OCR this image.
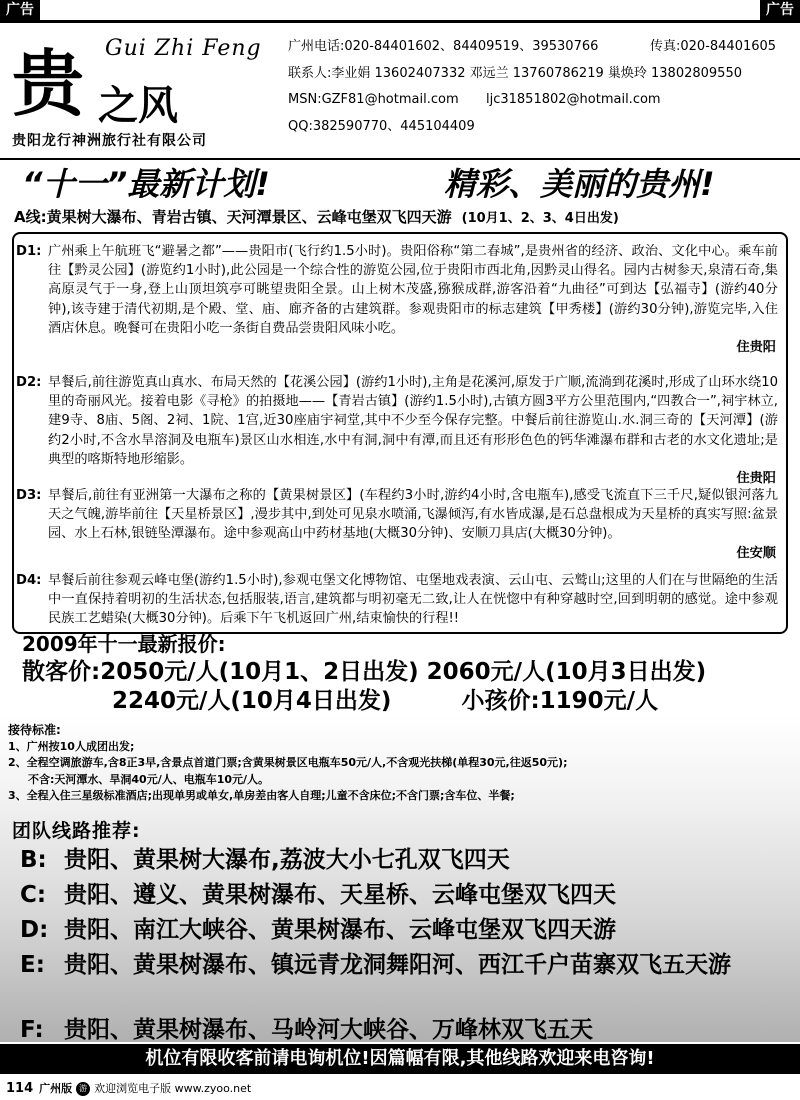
广告	广告
Gui Zhi Feng
贵 之风
贵阳龙行神洲旅行社有限公司
广州电话:020-84401602、84409519、39530766	传真:020-84401605
联系人:李业娟 13602407332 邓远兰 13760786219 巢焕玲 13802809550
MSN:GZF81@hotmail.com ljc31851802@hotmail.com
QQ:382590770、445104409
“十一”最新计划!	精彩、美丽的贵州!
A线:黄果树大瀑布、青岩古镇、天河潭景区、云峰屯堡双飞四天游 (10月1、2、3、4日出发)
D1: 广州乘上午航班飞“避暑之都”——贵阳市(飞行约1.5小时)。贵阳俗称“第二春城”,是贵州省的经济、政治、文化中心。乘车前往【黔灵公园】(游览约1小时),此公园是一个综合性的游览公园,位于贵阳市西北角,因黔灵山得名。园内古树参天,泉清石奇,集高原灵气于一身,登上山顶坦筑亭可眺望贵阳全景。山上树木茂盛,猕猴成群,游客沿着“九曲径”可到达【弘福寺】(游约40分钟),该寺建于清代初期,是个殿、堂、庙、廊齐备的古建筑群。参观贵阳市的标志建筑【甲秀楼】(游约30分钟),游览完毕,入住酒店休息。晚餐可在贵阳小吃一条街自费品尝贵阳风味小吃。
住贵阳
D2: 早餐后,前往游览真山真水、布局天然的【花溪公园】(游约1小时),主角是花溪河,原发于广顺,流淌到花溪时,形成了山环水绕10里的奇丽风光。接着电影《寻枪》的拍摄地——【青岩古镇】(游约1.5小时),古镇方圆3平方公里范围内,“四教合一”,祠宇林立,建9寺、8庙、5阁、2祠、1院、1宫,近30座庙宇祠堂,其中不少至今保存完整。中餐后前往游览山.水.洞三奇的【天河潭】(游约2小时,不含水旱溶洞及电瓶车)景区山水相连,水中有洞,洞中有潭,而且还有形形色色的钙华滩瀑布群和古老的水文化遗址;是典型的喀斯特地形缩影。
住贵阳
D3: 早餐后,前往有亚洲第一大瀑布之称的【黄果树景区】(车程约3小时,游约4小时,含电瓶车),感受飞流直下三千尺,疑似银河落九天之气魄,游毕前往【天星桥景区】,漫步其中,到处可见泉水喷涌,飞瀑倾泻,有水皆成瀑,是石总盘根成为天星桥的真实写照:盆景园、水上石林,银链坠潭瀑布。途中参观高山中药材基地(大概30分钟)、安顺刀具店(大概30分钟)。
住安顺
D4: 早餐后前往参观云峰屯堡(游约1.5小时),参观屯堡文化博物馆、屯堡地戏表演、云山屯、云鹫山;这里的人们在与世隔绝的生活中一直保持着明初的生活状态,包括服装,语言,建筑都与明初毫无二致,让人在恍惚中有种穿越时空,回到明朝的感觉。途中参观民族工艺蜡染(大概30分钟)。后乘下午飞机返回广州,结束愉快的行程!!
2009年十一最新报价:
散客价:2050元/人(10月1、2日出发) 2060元/人(10月3日出发)
2240元/人(10月4日出发)	小孩价:1190元/人
接待标准:
1、广州按10人成团出发;
2、全程空调旅游车,含8正3早,含景点首道门票;含黄果树景区电瓶车50元/人,不含观光扶梯(单程30元,往返50元);
不含:天河潭水、旱洞40元/人、电瓶车10元/人。
3、全程入住三星级标准酒店;出现单男或单女,单房差由客人自理;儿童不含床位;不含门票;含车位、半餐;
团队线路推荐:
B: 贵阳、黄果树大瀑布,荔波大小七孔双飞四天
C: 贵阳、遵义、黄果树瀑布、天星桥、云峰屯堡双飞四天
D: 贵阳、南江大峡谷、黄果树瀑布、云峰屯堡双飞四天游
E: 贵阳、黄果树瀑布、镇远青龙洞舞阳河、西江千户苗寨双飞五天游
F: 贵阳、黄果树瀑布、马岭河大峡谷、万峰林双飞五天
机位有限收客前请电询机位!因篇幅有限,其他线路欢迎来电咨询!
114 广州版 游 欢迎浏览电子版 www.zyoo.net
